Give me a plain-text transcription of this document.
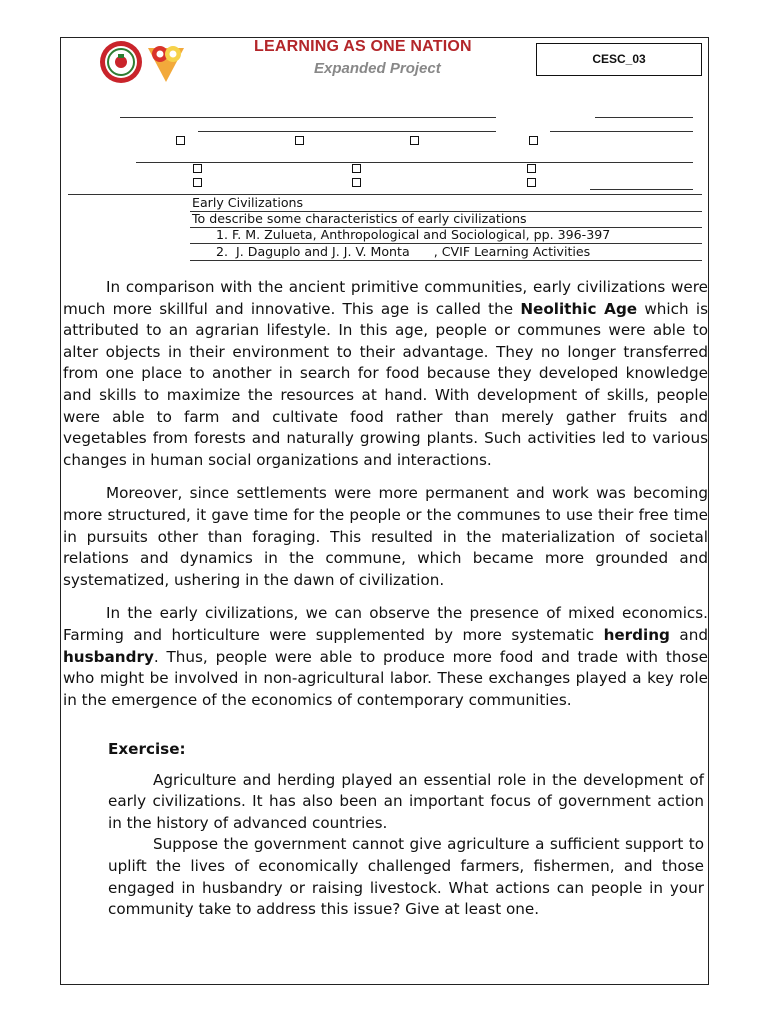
LEARNING AS ONE NATION
Expanded Project
CESC_03
Early Civilizations
To describe some characteristics of early civilizations
1. F. M. Zulueta, Anthropological and Sociological, pp. 396-397
2.  J. Daguplo and J. J. V. Monta      , CVIF Learning Activities

In comparison with the ancient primitive communities, early civilizations were much more skillful and innovative. This age is called the Neolithic Age which is attributed to an agrarian lifestyle. In this age, people or communes were able to alter objects in their environment to their advantage. They no longer transferred from one place to another in search for food because they developed knowledge and skills to maximize the resources at hand. With development of skills, people were able to farm and cultivate food rather than merely gather fruits and vegetables from forests and naturally growing plants. Such activities led to various changes in human social organizations and interactions.

Moreover, since settlements were more permanent and work was becoming more structured, it gave time for the people or the communes to use their free time in pursuits other than foraging. This resulted in the materialization of societal relations and dynamics in the commune, which became more grounded and systematized, ushering in the dawn of civilization.

In the early civilizations, we can observe the presence of mixed economics. Farming and horticulture were supplemented by more systematic herding and husbandry. Thus, people were able to produce more food and trade with those who might be involved in non-agricultural labor. These exchanges played a key role in the emergence of the economics of contemporary communities.

Exercise:

Agriculture and herding played an essential role in the development of early civilizations. It has also been an important focus of government action in the history of advanced countries.

Suppose the government cannot give agriculture a sufficient support to uplift the lives of economically challenged farmers, fishermen, and those engaged in husbandry or raising livestock. What actions can people in your community take to address this issue? Give at least one.
